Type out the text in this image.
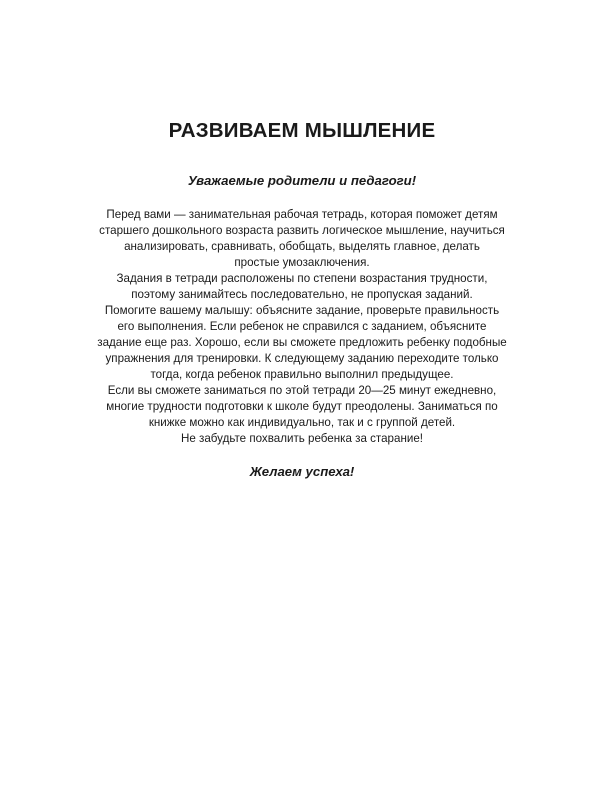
РАЗВИВАЕМ МЫШЛЕНИЕ

Уважаемые родители и педагоги!

Перед вами — занимательная рабочая тетрадь, которая поможет детям
старшего дошкольного возраста развить логическое мышление, научиться
анализировать, сравнивать, обобщать, выделять главное, делать
простые умозаключения.
Задания в тетради расположены по степени возрастания трудности,
поэтому занимайтесь последовательно, не пропуская заданий.
Помогите вашему малышу: объясните задание, проверьте правильность
его выполнения. Если ребенок не справился с заданием, объясните
задание еще раз. Хорошо, если вы сможете предложить ребенку подобные
упражнения для тренировки. К следующему заданию переходите только
тогда, когда ребенок правильно выполнил предыдущее.
Если вы сможете заниматься по этой тетради 20—25 минут ежедневно,
многие трудности подготовки к школе будут преодолены. Заниматься по
книжке можно как индивидуально, так и с группой детей.
Не забудьте похвалить ребенка за старание!

Желаем успеха!
